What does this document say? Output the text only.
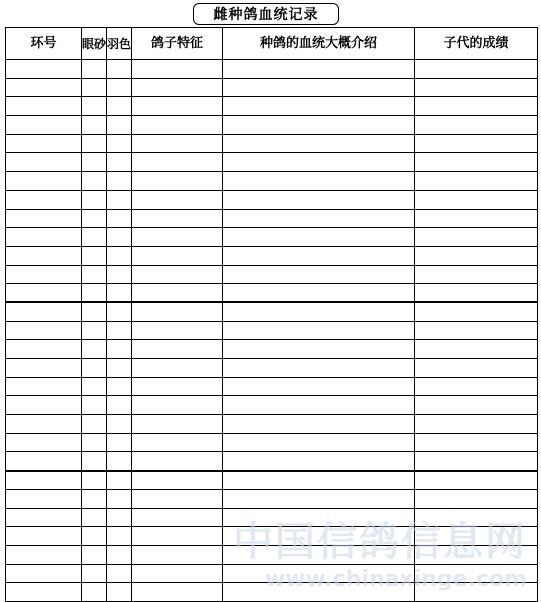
雌种鸽血统记录
环号	眼砂	羽色	鸽子特征	种鸽的血统大概介绍	子代的成绩

中国信鸽信息网
www.chinaxinge.com
